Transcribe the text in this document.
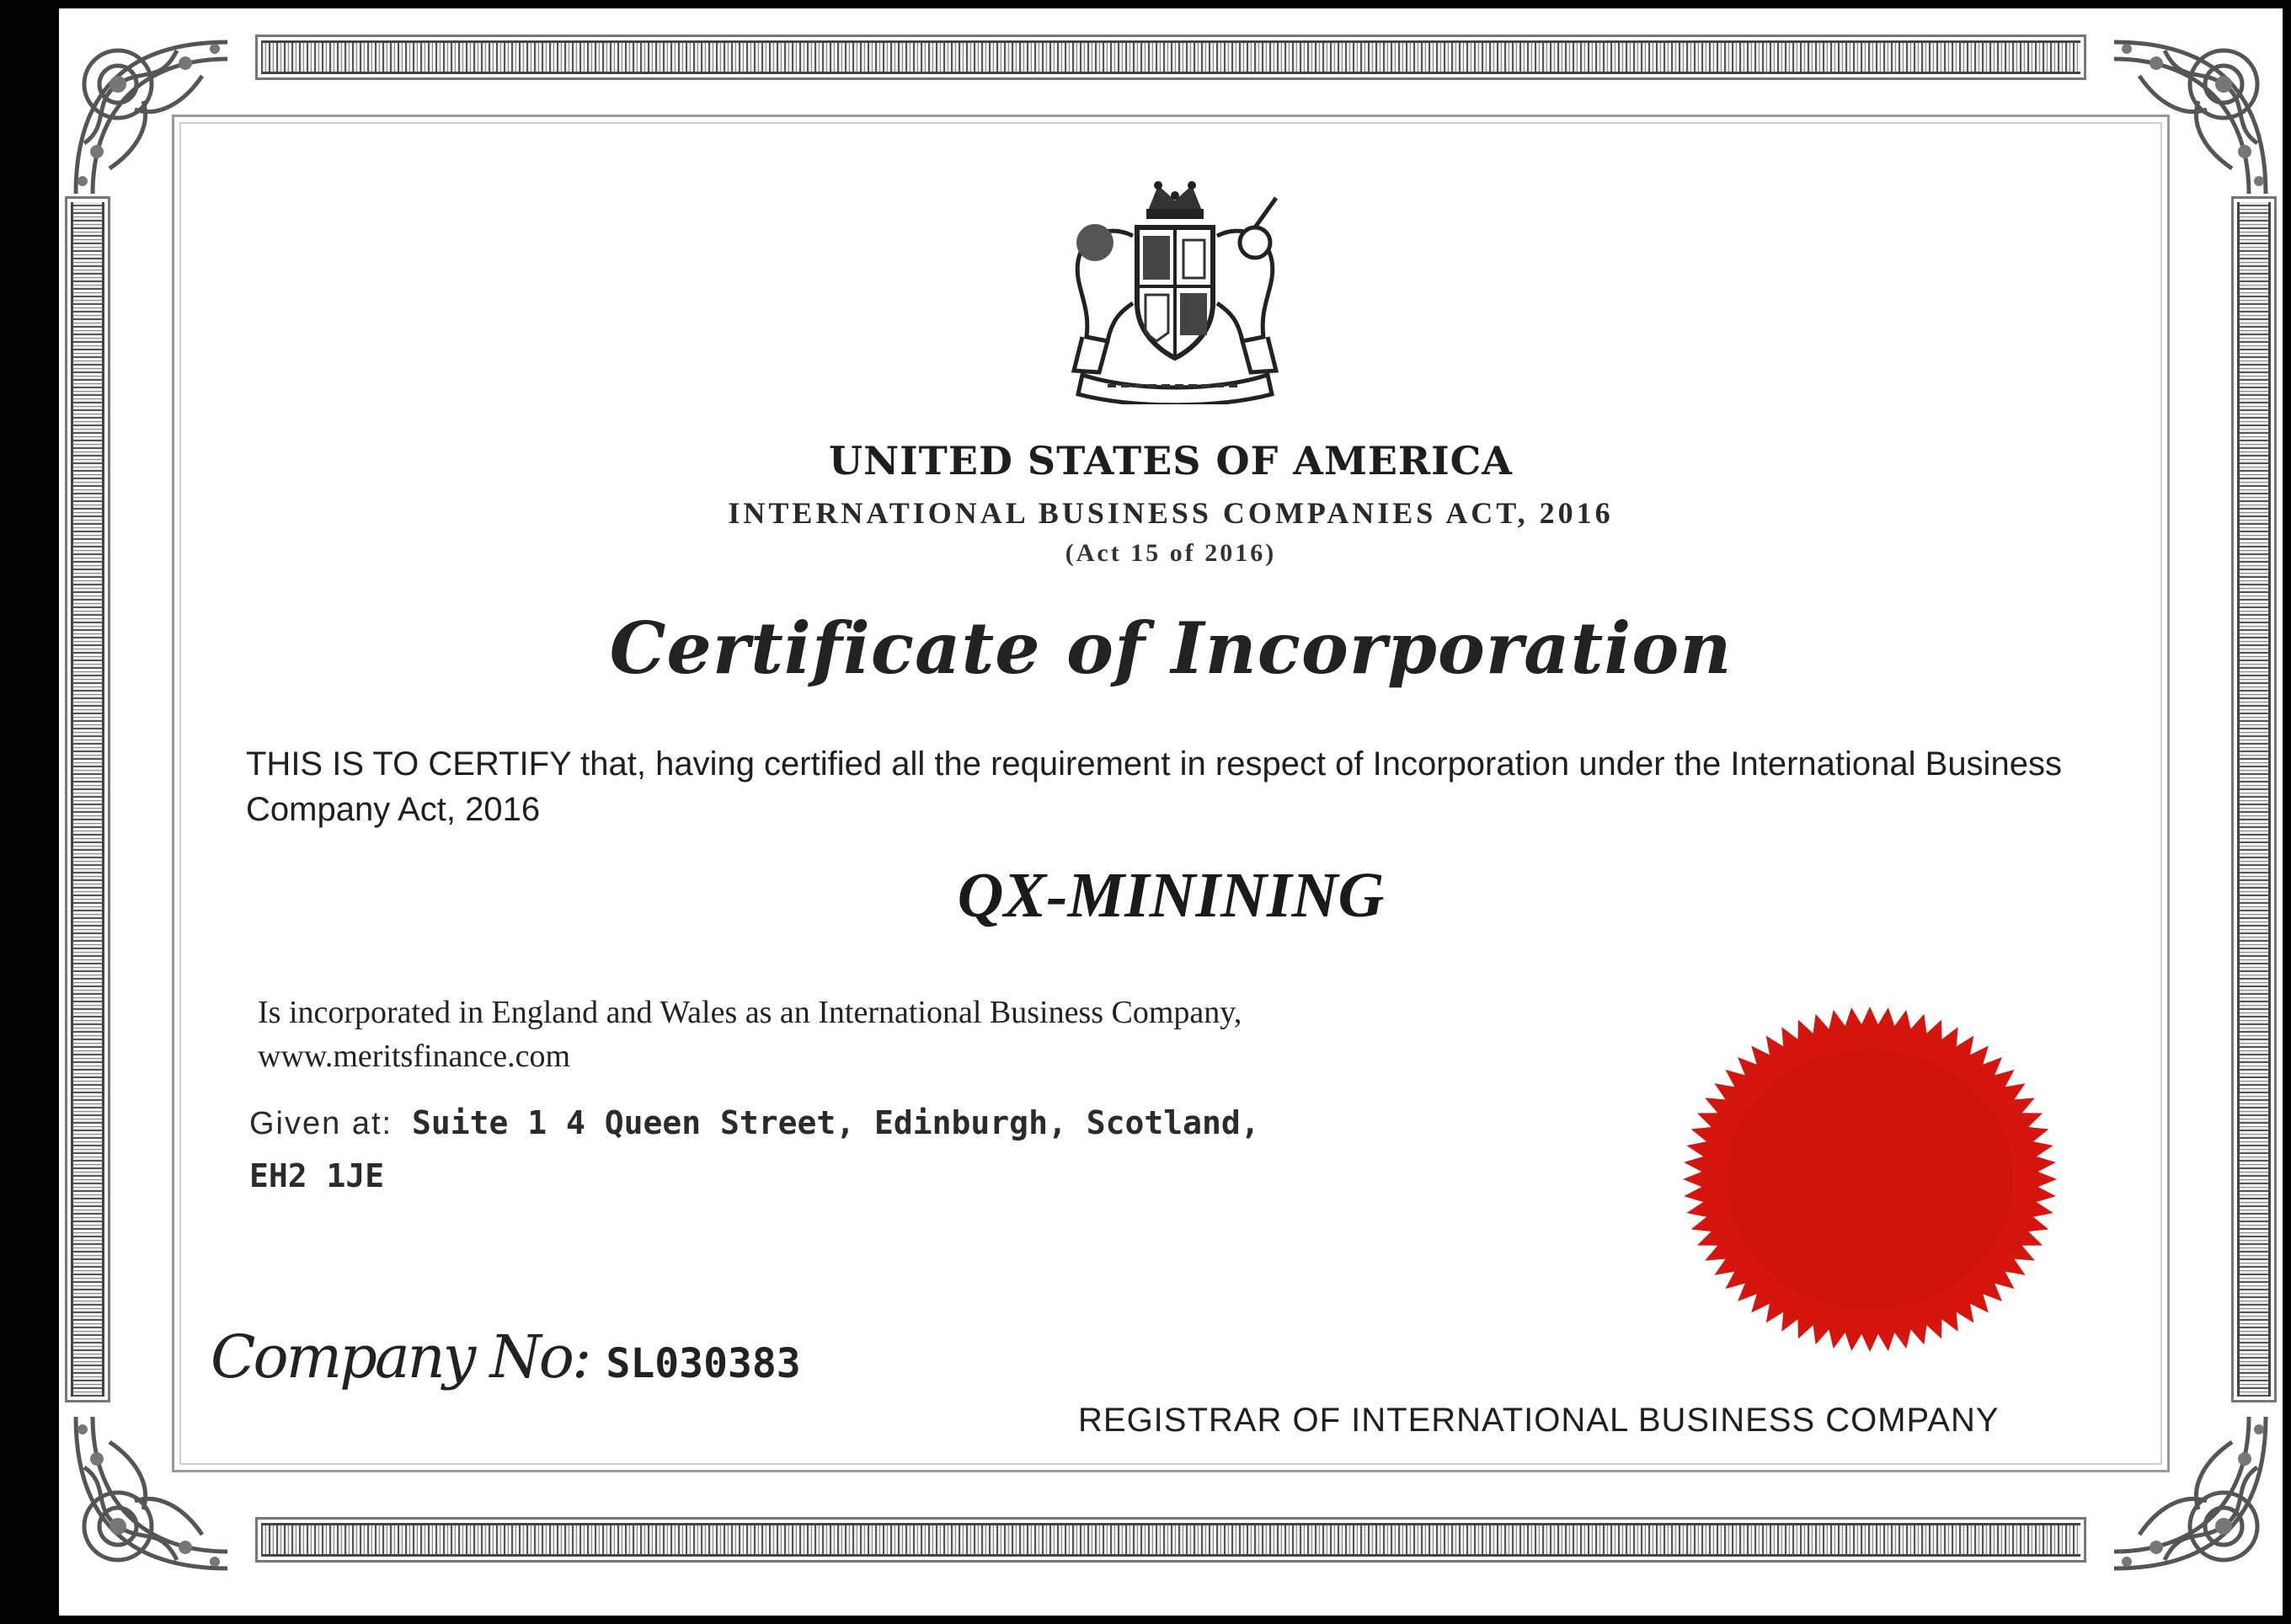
UNITED STATES OF AMERICA
INTERNATIONAL BUSINESS COMPANIES ACT, 2016
(Act 15 of 2016)
Certificate of Incorporation
THIS IS TO CERTIFY that, having certified all the requirement in respect of Incorporation under the International Business Company Act, 2016
QX-MININING
Is incorporated in England and Wales as an International Business Company, www.meritsfinance.com
Given at: Suite 1 4 Queen Street, Edinburgh, Scotland,
EH2 1JE
Company No: SL030383
REGISTRAR OF INTERNATIONAL BUSINESS COMPANY
